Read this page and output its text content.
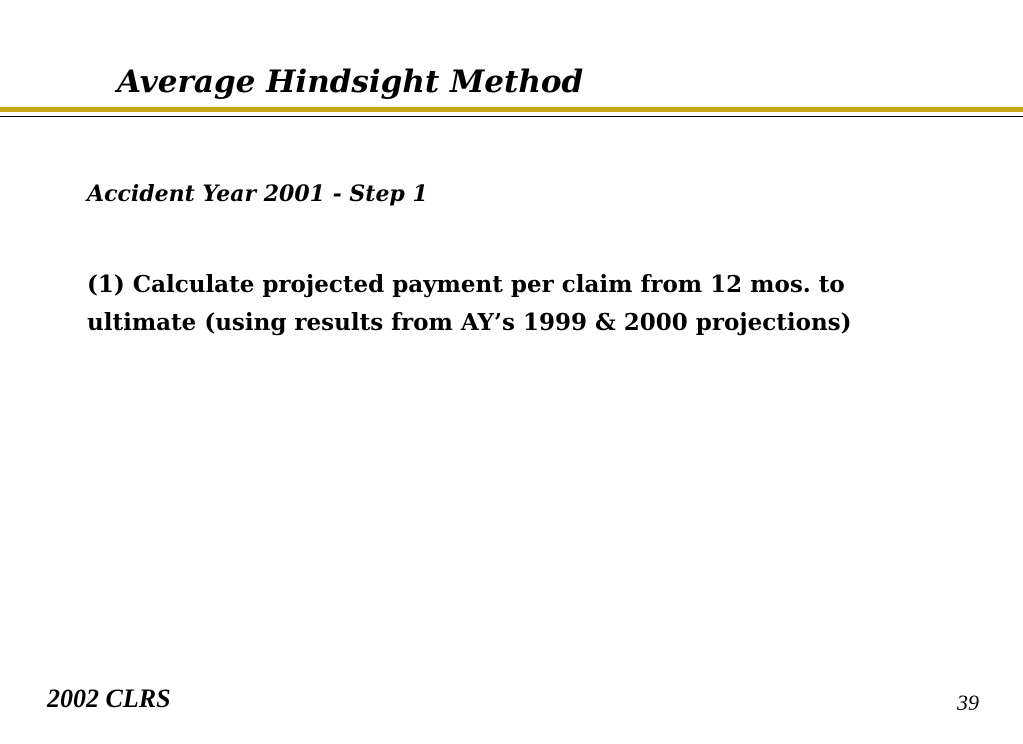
Average Hindsight Method
Accident Year 2001 - Step 1

(1) Calculate projected payment per claim from 12 mos. to ultimate (using results from AY’s 1999 & 2000 projections)

2002 CLRS	39
